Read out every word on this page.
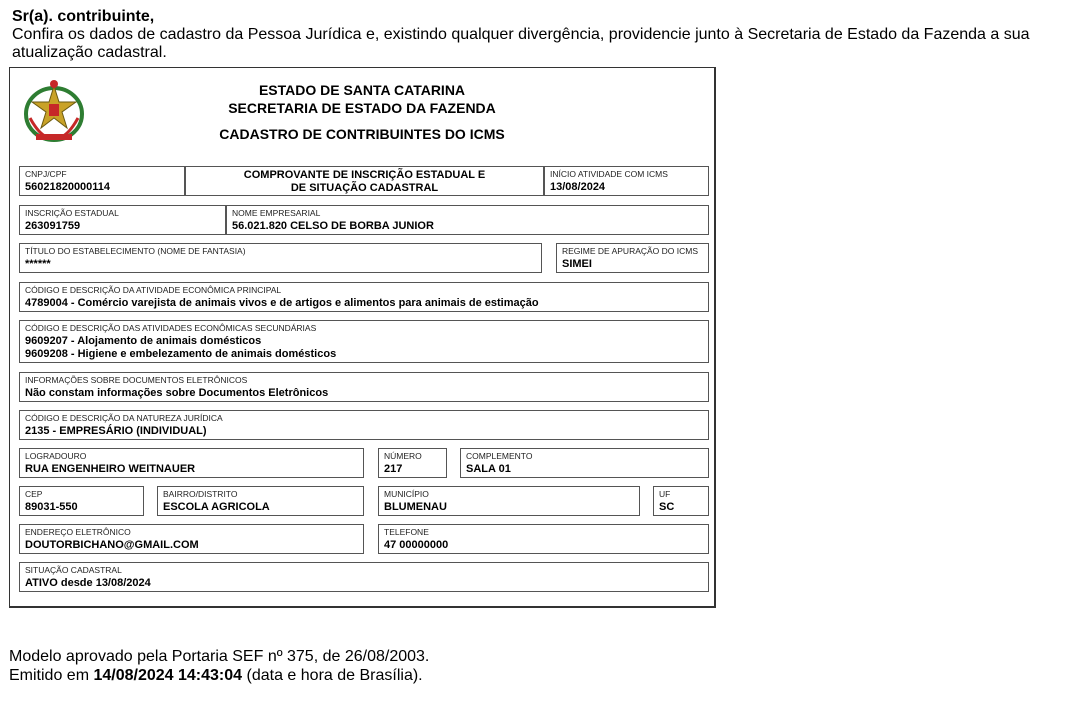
Sr(a). contribuinte,
Confira os dados de cadastro da Pessoa Jurídica e, existindo qualquer divergência, providencie junto à Secretaria de Estado da Fazenda a sua
atualização cadastral.
ESTADO DE SANTA CATARINA
SECRETARIA DE ESTADO DA FAZENDA
CADASTRO DE CONTRIBUINTES DO ICMS
CNPJ/CPF
56021820000114
COMPROVANTE DE INSCRIÇÃO ESTADUAL E
DE SITUAÇÃO CADASTRAL
INÍCIO ATIVIDADE COM ICMS
13/08/2024
INSCRIÇÃO ESTADUAL
263091759
NOME EMPRESARIAL
56.021.820 CELSO DE BORBA JUNIOR
TÍTULO DO ESTABELECIMENTO (NOME DE FANTASIA)
******
REGIME DE APURAÇÃO DO ICMS
SIMEI
CÓDIGO E DESCRIÇÃO DA ATIVIDADE ECONÔMICA PRINCIPAL
4789004 - Comércio varejista de animais vivos e de artigos e alimentos para animais de estimação
CÓDIGO E DESCRIÇÃO DAS ATIVIDADES ECONÔMICAS SECUNDÁRIAS
9609207 - Alojamento de animais domésticos
9609208 - Higiene e embelezamento de animais domésticos
INFORMAÇÕES SOBRE DOCUMENTOS ELETRÔNICOS
Não constam informações sobre Documentos Eletrônicos
CÓDIGO E DESCRIÇÃO DA NATUREZA JURÍDICA
2135 - EMPRESÁRIO (INDIVIDUAL)
LOGRADOURO
RUA ENGENHEIRO WEITNAUER
NÚMERO
217
COMPLEMENTO
SALA 01
CEP
89031-550
BAIRRO/DISTRITO
ESCOLA AGRICOLA
MUNICÍPIO
BLUMENAU
UF
SC
ENDEREÇO ELETRÔNICO
DOUTORBICHANO@GMAIL.COM
TELEFONE
47 00000000
SITUAÇÃO CADASTRAL
ATIVO desde 13/08/2024
Modelo aprovado pela Portaria SEF nº 375, de 26/08/2003.
Emitido em 14/08/2024 14:43:04 (data e hora de Brasília).
